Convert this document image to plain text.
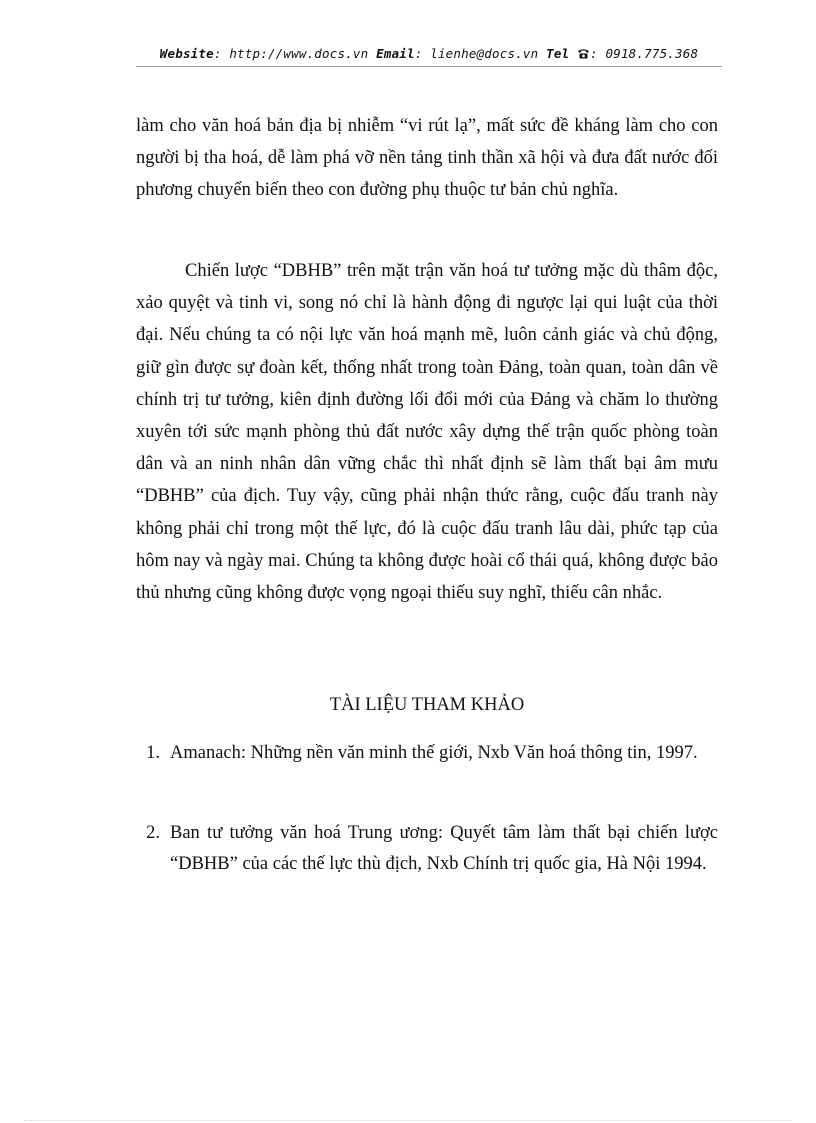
Website: http://www.docs.vn Email: lienhe@docs.vn Tel : 0918.775.368

làm cho văn hoá bản địa bị nhiễm “vi rút lạ”, mất sức đề kháng làm cho con người bị tha hoá, dễ làm phá vỡ nền tảng tinh thần xã hội và đưa đất nước đối phương chuyển biến theo con đường phụ thuộc tư bản chủ nghĩa.

Chiến lược “DBHB” trên mặt trận văn hoá tư tưởng mặc dù thâm độc, xảo quyệt và tinh vi, song nó chỉ là hành động đi ngược lại qui luật của thời đại. Nếu chúng ta có nội lực văn hoá mạnh mẽ, luôn cảnh giác và chủ động, giữ gìn được sự đoàn kết, thống nhất trong toàn Đảng, toàn quan, toàn dân về chính trị tư tưởng, kiên định đường lối đổi mới của Đảng và chăm lo thường xuyên tới sức mạnh phòng thủ đất nước xây dựng thế trận quốc phòng toàn dân và an ninh nhân dân vững chắc thì nhất định sẽ làm thất bại âm mưu “DBHB” của địch. Tuy vậy, cũng phải nhận thức rằng, cuộc đấu tranh này không phải chỉ trong một thế lực, đó là cuộc đấu tranh lâu dài, phức tạp của hôm nay và ngày mai. Chúng ta không được hoài cổ thái quá, không được bảo thủ nhưng cũng không được vọng ngoại thiếu suy nghĩ, thiếu cân nhắc.

TÀI LIỆU THAM KHẢO
1. Amanach: Những nền văn minh thế giới, Nxb Văn hoá thông tin, 1997.
2. Ban tư tưởng văn hoá Trung ương: Quyết tâm làm thất bại chiến lược “DBHB” của các thế lực thù địch, Nxb Chính trị quốc gia, Hà Nội 1994.
